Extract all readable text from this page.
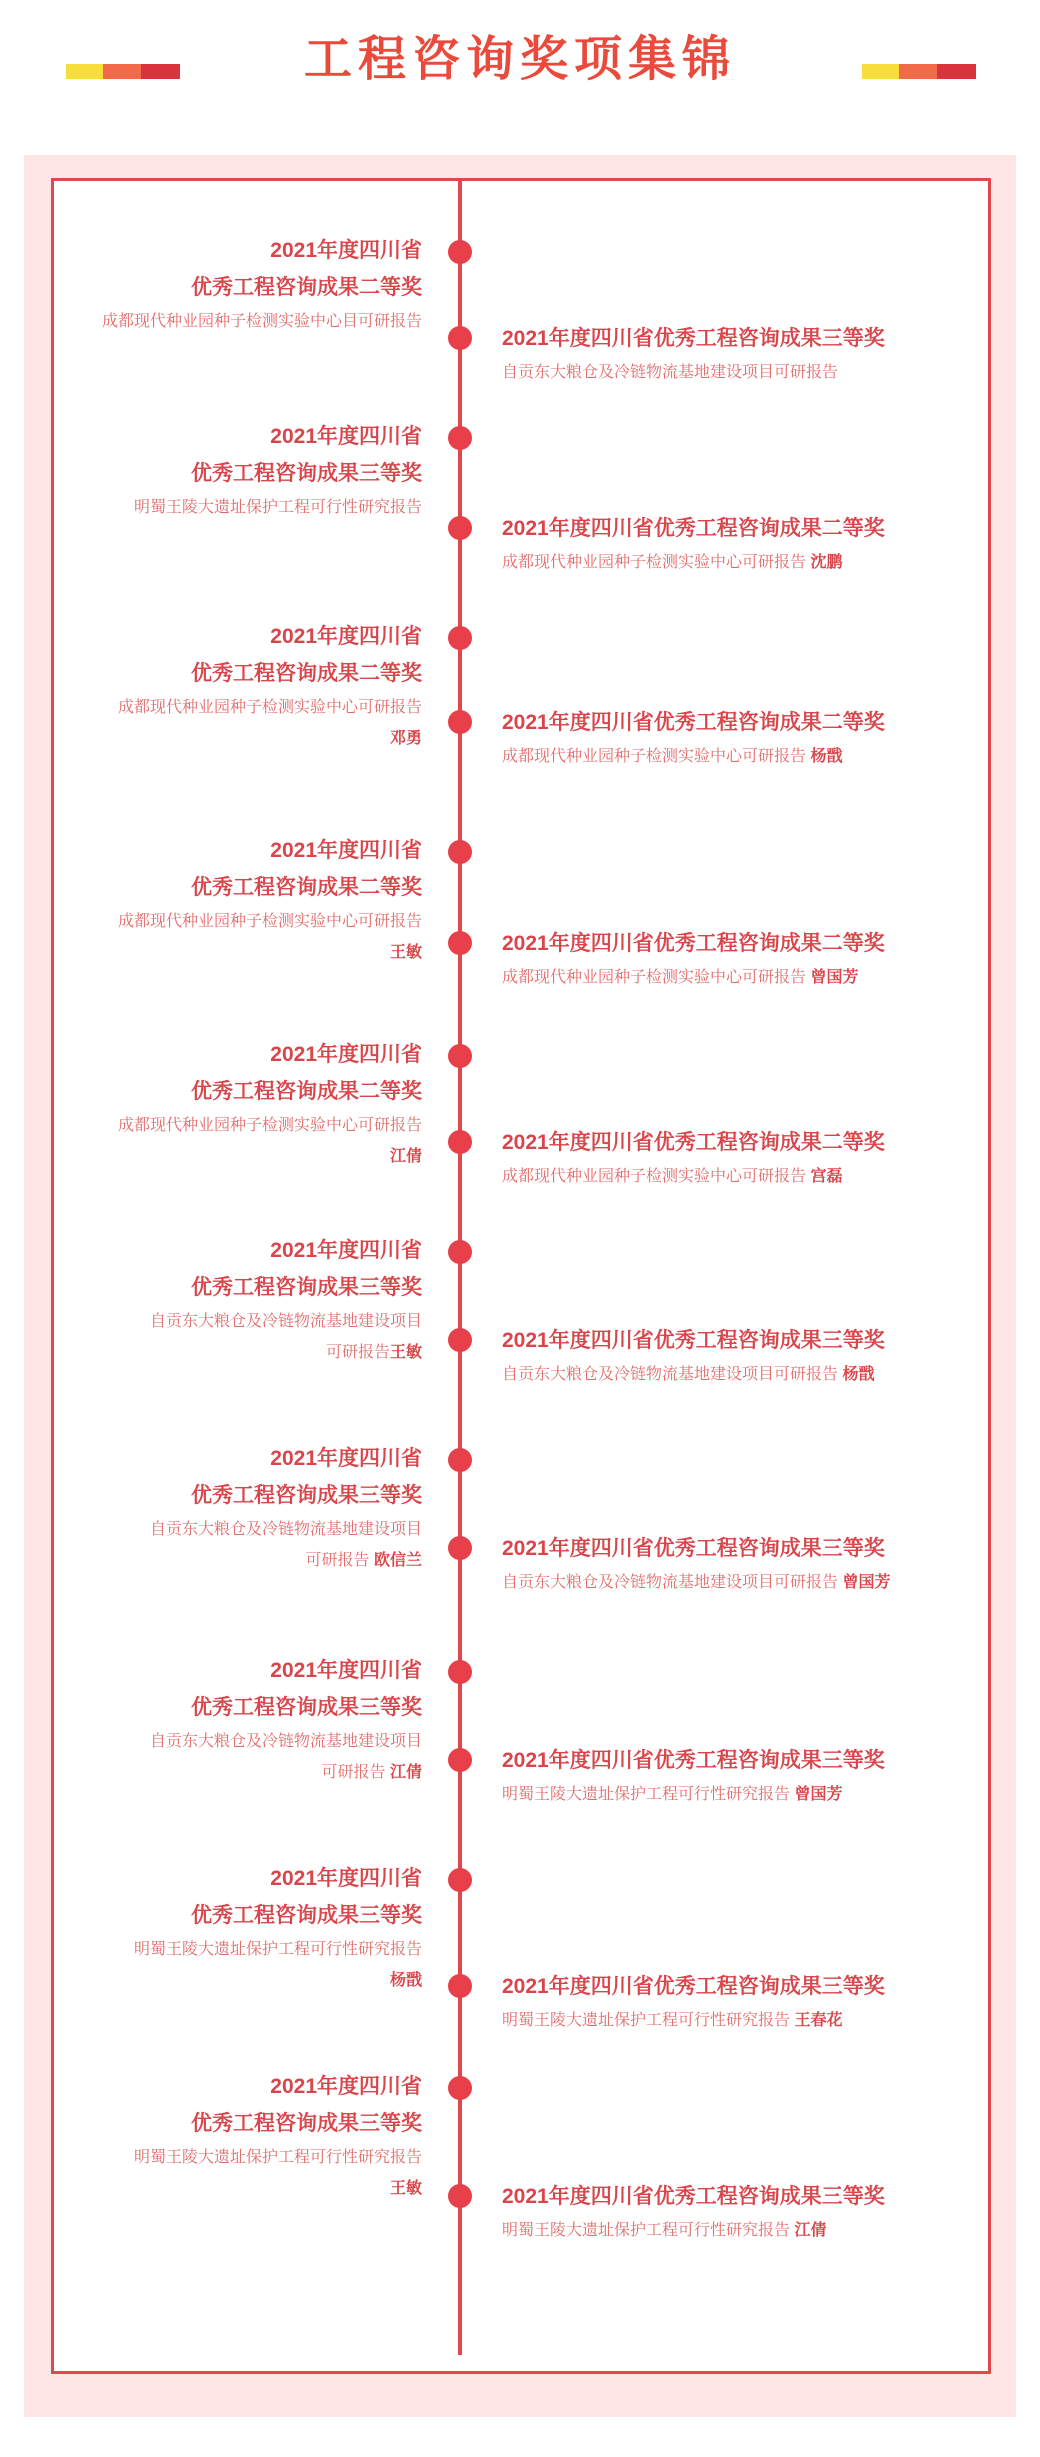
工程咨询奖项集锦
2021年度四川省
优秀工程咨询成果二等奖
成都现代种业园种子检测实验中心目可研报告
2021年度四川省
优秀工程咨询成果三等奖
明蜀王陵大遗址保护工程可行性研究报告
2021年度四川省
优秀工程咨询成果二等奖
成都现代种业园种子检测实验中心可研报告
邓勇
2021年度四川省
优秀工程咨询成果二等奖
成都现代种业园种子检测实验中心可研报告
王敏
2021年度四川省
优秀工程咨询成果二等奖
成都现代种业园种子检测实验中心可研报告
江倩
2021年度四川省
优秀工程咨询成果三等奖
自贡东大粮仓及冷链物流基地建设项目
可研报告王敏
2021年度四川省
优秀工程咨询成果三等奖
自贡东大粮仓及冷链物流基地建设项目
可研报告 欧信兰
2021年度四川省
优秀工程咨询成果三等奖
自贡东大粮仓及冷链物流基地建设项目
可研报告 江倩
2021年度四川省
优秀工程咨询成果三等奖
明蜀王陵大遗址保护工程可行性研究报告
杨戬
2021年度四川省
优秀工程咨询成果三等奖
明蜀王陵大遗址保护工程可行性研究报告
王敏
2021年度四川省优秀工程咨询成果三等奖
自贡东大粮仓及冷链物流基地建设项目可研报告
2021年度四川省优秀工程咨询成果二等奖
成都现代种业园种子检测实验中心可研报告 沈鹏
2021年度四川省优秀工程咨询成果二等奖
成都现代种业园种子检测实验中心可研报告 杨戬
2021年度四川省优秀工程咨询成果二等奖
成都现代种业园种子检测实验中心可研报告 曾国芳
2021年度四川省优秀工程咨询成果二等奖
成都现代种业园种子检测实验中心可研报告 宫磊
2021年度四川省优秀工程咨询成果三等奖
自贡东大粮仓及冷链物流基地建设项目可研报告 杨戬
2021年度四川省优秀工程咨询成果三等奖
自贡东大粮仓及冷链物流基地建设项目可研报告 曾国芳
2021年度四川省优秀工程咨询成果三等奖
明蜀王陵大遗址保护工程可行性研究报告 曾国芳
2021年度四川省优秀工程咨询成果三等奖
明蜀王陵大遗址保护工程可行性研究报告 王春花
2021年度四川省优秀工程咨询成果三等奖
明蜀王陵大遗址保护工程可行性研究报告 江倩
